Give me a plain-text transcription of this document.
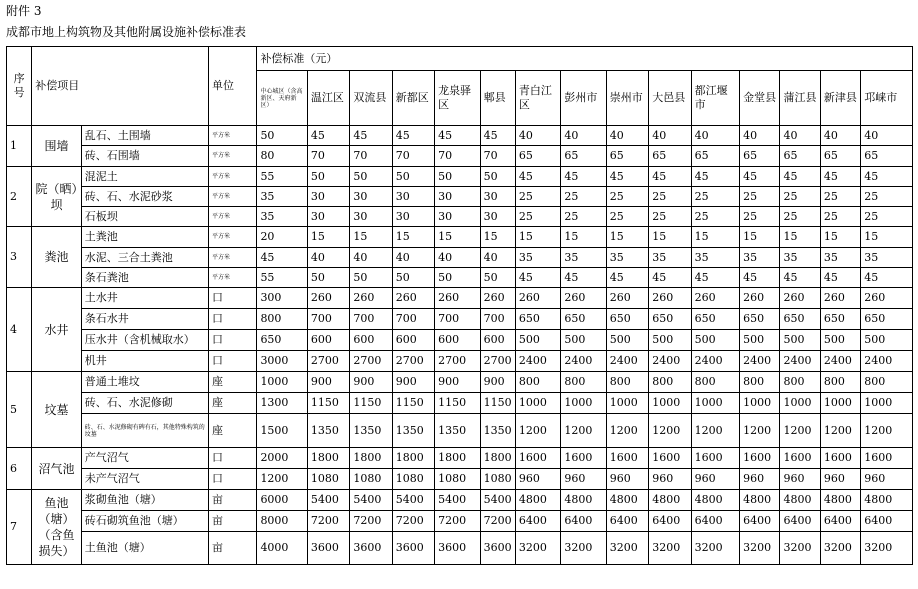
附件 3
成都市地上构筑物及其他附属设施补偿标准表
序号	补偿项目		单位	补偿标准（元）														
				中心城区（含高新区、天府新区）	温江区	双流县	新都区	龙泉驿区	郫县	青白江区	彭州市	崇州市	大邑县	都江堰市	金堂县	蒲江县	新津县	邛崃市
1	围墙	乱石、土围墙	平方米	50	45	45	45	45	45	40	40	40	40	40	40	40	40	40
		砖、石围墙	平方米	80	70	70	70	70	70	65	65	65	65	65	65	65	65	65
2	院（晒）坝	混泥土	平方米	55	50	50	50	50	50	45	45	45	45	45	45	45	45	45
		砖、石、水泥砂浆	平方米	35	30	30	30	30	30	25	25	25	25	25	25	25	25	25
		石板坝	平方米	35	30	30	30	30	30	25	25	25	25	25	25	25	25	25
3	粪池	土粪池	平方米	20	15	15	15	15	15	15	15	15	15	15	15	15	15	15
		水泥、三合土粪池	平方米	45	40	40	40	40	40	35	35	35	35	35	35	35	35	35
		条石粪池	平方米	55	50	50	50	50	50	45	45	45	45	45	45	45	45	45
4	水井	土水井	口	300	260	260	260	260	260	260	260	260	260	260	260	260	260	260
		条石水井	口	800	700	700	700	700	700	650	650	650	650	650	650	650	650	650
		压水井（含机械取水）	口	650	600	600	600	600	600	500	500	500	500	500	500	500	500	500
		机井	口	3000	2700	2700	2700	2700	2700	2400	2400	2400	2400	2400	2400	2400	2400	2400
5	坟墓	普通土堆坟	座	1000	900	900	900	900	900	800	800	800	800	800	800	800	800	800
		砖、石、水泥修砌	座	1300	1150	1150	1150	1150	1150	1000	1000	1000	1000	1000	1000	1000	1000	1000
		砖、石、水泥修砌有碑有石，其他特殊构筑的坟墓	座	1500	1350	1350	1350	1350	1350	1200	1200	1200	1200	1200	1200	1200	1200	1200
6	沼气池	产气沼气	口	2000	1800	1800	1800	1800	1800	1600	1600	1600	1600	1600	1600	1600	1600	1600
		未产气沼气	口	1200	1080	1080	1080	1080	1080	960	960	960	960	960	960	960	960	960
7	鱼池（塘）（含鱼损失）	浆砌鱼池（塘）	亩	6000	5400	5400	5400	5400	5400	4800	4800	4800	4800	4800	4800	4800	4800	4800
		砖石砌筑鱼池（塘）	亩	8000	7200	7200	7200	7200	7200	6400	6400	6400	6400	6400	6400	6400	6400	6400
		土鱼池（塘）	亩	4000	3600	3600	3600	3600	3600	3200	3200	3200	3200	3200	3200	3200	3200	3200
